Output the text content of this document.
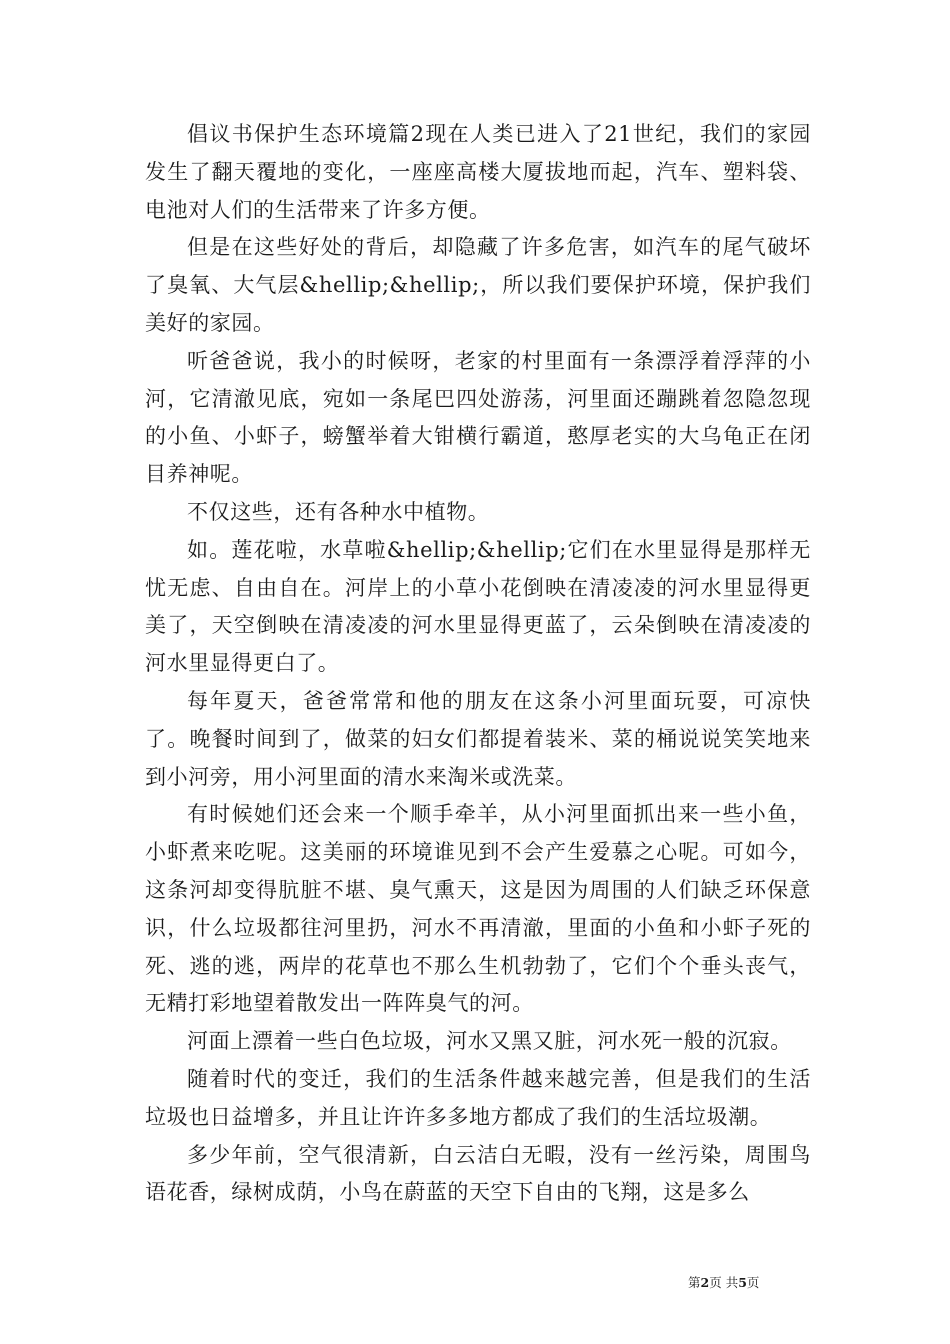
倡议书保护生态环境篇2现在人类已进入了21世纪，我们的家园发生了翻天覆地的变化，一座座高楼大厦拔地而起，汽车、塑料袋、电池对人们的生活带来了许多方便。

但是在这些好处的背后，却隐藏了许多危害，如汽车的尾气破坏了臭氧、大气层&hellip;&hellip;，所以我们要保护环境，保护我们美好的家园。

听爸爸说，我小的时候呀，老家的村里面有一条漂浮着浮萍的小河，它清澈见底，宛如一条尾巴四处游荡，河里面还蹦跳着忽隐忽现的小鱼、小虾子，螃蟹举着大钳横行霸道，憨厚老实的大乌龟正在闭目养神呢。

不仅这些，还有各种水中植物。

如。莲花啦，水草啦&hellip;&hellip;它们在水里显得是那样无忧无虑、自由自在。河岸上的小草小花倒映在清凌凌的河水里显得更美了，天空倒映在清凌凌的河水里显得更蓝了，云朵倒映在清凌凌的河水里显得更白了。

每年夏天，爸爸常常和他的朋友在这条小河里面玩耍，可凉快了。晚餐时间到了，做菜的妇女们都提着装米、菜的桶说说笑笑地来到小河旁，用小河里面的清水来淘米或洗菜。

有时候她们还会来一个顺手牵羊，从小河里面抓出来一些小鱼，小虾煮来吃呢。这美丽的环境谁见到不会产生爱慕之心呢。可如今，这条河却变得肮脏不堪、臭气熏天，这是因为周围的人们缺乏环保意识，什么垃圾都往河里扔，河水不再清澈，里面的小鱼和小虾子死的死、逃的逃，两岸的花草也不那么生机勃勃了，它们个个垂头丧气，无精打彩地望着散发出一阵阵臭气的河。

河面上漂着一些白色垃圾，河水又黑又脏，河水死一般的沉寂。

随着时代的变迁，我们的生活条件越来越完善，但是我们的生活垃圾也日益增多，并且让许许多多地方都成了我们的生活垃圾潮。

多少年前，空气很清新，白云洁白无暇，没有一丝污染，周围鸟语花香，绿树成荫，小鸟在蔚蓝的天空下自由的飞翔，这是多么

第2页 共5页
